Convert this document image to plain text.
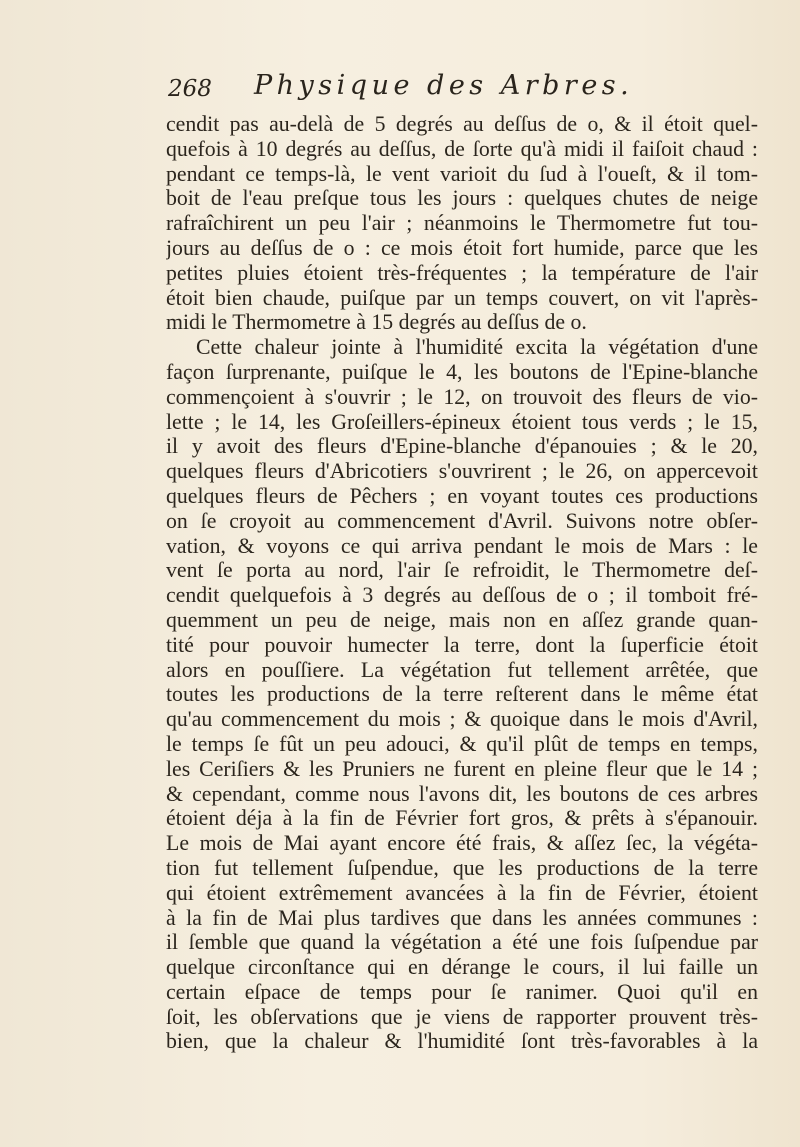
268 Physique des Arbres.
cendit pas au-delà de 5 degrés au deſſus de o, & il étoit quel-
quefois à 10 degrés au deſſus, de ſorte qu'à midi il faiſoit chaud :
pendant ce temps-là, le vent varioit du ſud à l'oueſt, & il tom-
boit de l'eau preſque tous les jours : quelques chutes de neige
rafraîchirent un peu l'air ; néanmoins le Thermometre fut tou-
jours au deſſus de o : ce mois étoit fort humide, parce que les
petites pluies étoient très-fréquentes ; la température de l'air
étoit bien chaude, puiſque par un temps couvert, on vit l'après-
midi le Thermometre à 15 degrés au deſſus de o.
Cette chaleur jointe à l'humidité excita la végétation d'une
façon ſurprenante, puiſque le 4, les boutons de l'Epine-blanche
commençoient à s'ouvrir ; le 12, on trouvoit des fleurs de vio-
lette ; le 14, les Groſeillers-épineux étoient tous verds ; le 15,
il y avoit des fleurs d'Epine-blanche d'épanouies ; & le 20,
quelques fleurs d'Abricotiers s'ouvrirent ; le 26, on appercevoit
quelques fleurs de Pêchers ; en voyant toutes ces productions
on ſe croyoit au commencement d'Avril. Suivons notre obſer-
vation, & voyons ce qui arriva pendant le mois de Mars : le
vent ſe porta au nord, l'air ſe refroidit, le Thermometre deſ-
cendit quelquefois à 3 degrés au deſſous de o ; il tomboit fré-
quemment un peu de neige, mais non en aſſez grande quan-
tité pour pouvoir humecter la terre, dont la ſuperficie étoit
alors en pouſſiere. La végétation fut tellement arrêtée, que
toutes les productions de la terre reſterent dans le même état
qu'au commencement du mois ; & quoique dans le mois d'Avril,
le temps ſe fût un peu adouci, & qu'il plût de temps en temps,
les Ceriſiers & les Pruniers ne furent en pleine fleur que le 14 ;
& cependant, comme nous l'avons dit, les boutons de ces arbres
étoient déja à la fin de Février fort gros, & prêts à s'épanouir.
Le mois de Mai ayant encore été frais, & aſſez ſec, la végéta-
tion fut tellement ſuſpendue, que les productions de la terre
qui étoient extrêmement avancées à la fin de Février, étoient
à la fin de Mai plus tardives que dans les années communes :
il ſemble que quand la végétation a été une fois ſuſpendue par
quelque circonſtance qui en dérange le cours, il lui faille un
certain eſpace de temps pour ſe ranimer. Quoi qu'il en
ſoit, les obſervations que je viens de rapporter prouvent très-
bien, que la chaleur & l'humidité ſont très-favorables à la
